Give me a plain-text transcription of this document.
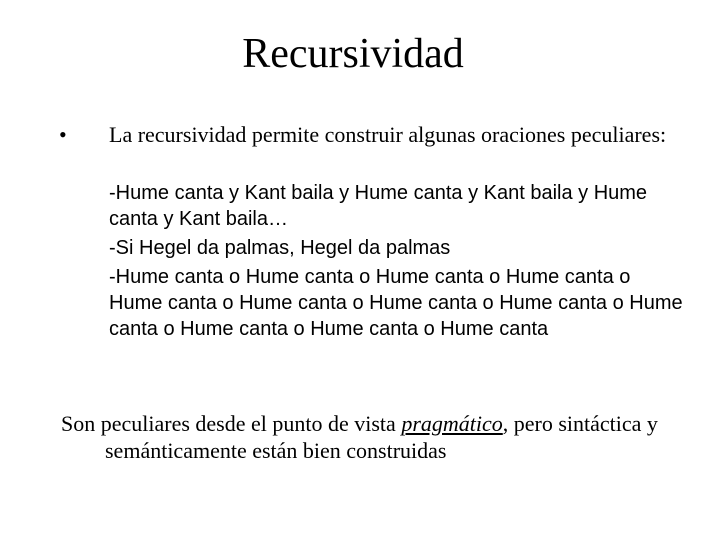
Recursividad
• La recursividad permite construir algunas oraciones peculiares:
-Hume canta y Kant baila y Hume canta y Kant baila y Hume canta y Kant baila…
-Si Hegel da palmas, Hegel da palmas
-Hume canta o Hume canta o Hume canta o Hume canta o Hume canta o Hume canta o Hume canta o Hume canta o Hume canta o Hume canta o Hume canta o Hume canta
Son peculiares desde el punto de vista pragmático, pero sintáctica y semánticamente están bien construidas
